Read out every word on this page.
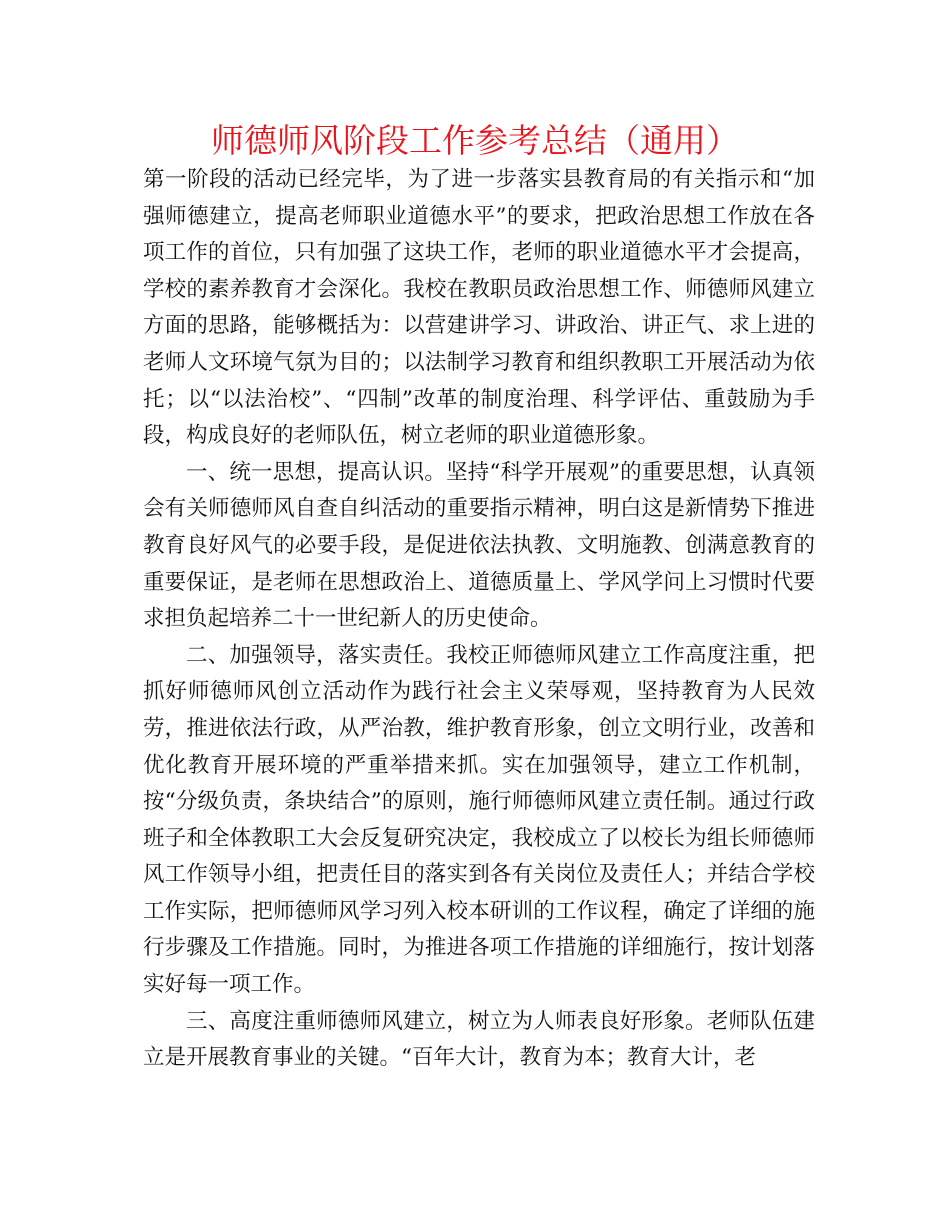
师德师风阶段工作参考总结（通用）

第一阶段的活动已经完毕，为了进一步落实县教育局的有关指示和“加强师德建立，提高老师职业道德水平”的要求，把政治思想工作放在各项工作的首位，只有加强了这块工作，老师的职业道德水平才会提高，学校的素养教育才会深化。我校在教职员政治思想工作、师德师风建立方面的思路，能够概括为：以营建讲学习、讲政治、讲正气、求上进的老师人文环境气氛为目的；以法制学习教育和组织教职工开展活动为依托；以“以法治校”、“四制”改革的制度治理、科学评估、重鼓励为手段，构成良好的老师队伍，树立老师的职业道德形象。

一、统一思想，提高认识。坚持“科学开展观”的重要思想，认真领会有关师德师风自查自纠活动的重要指示精神，明白这是新情势下推进教育良好风气的必要手段，是促进依法执教、文明施教、创满意教育的重要保证，是老师在思想政治上、道德质量上、学风学问上习惯时代要求担负起培养二十一世纪新人的历史使命。

二、加强领导，落实责任。我校正师德师风建立工作高度注重，把抓好师德师风创立活动作为践行社会主义荣辱观，坚持教育为人民效劳，推进依法行政，从严治教，维护教育形象，创立文明行业，改善和优化教育开展环境的严重举措来抓。实在加强领导，建立工作机制，按“分级负责，条块结合”的原则，施行师德师风建立责任制。通过行政班子和全体教职工大会反复研究决定，我校成立了以校长为组长师德师风工作领导小组，把责任目的落实到各有关岗位及责任人；并结合学校工作实际，把师德师风学习列入校本研训的工作议程，确定了详细的施行步骤及工作措施。同时，为推进各项工作措施的详细施行，按计划落实好每一项工作。

三、高度注重师德师风建立，树立为人师表良好形象。老师队伍建立是开展教育事业的关键。“百年大计，教育为本；教育大计，老
